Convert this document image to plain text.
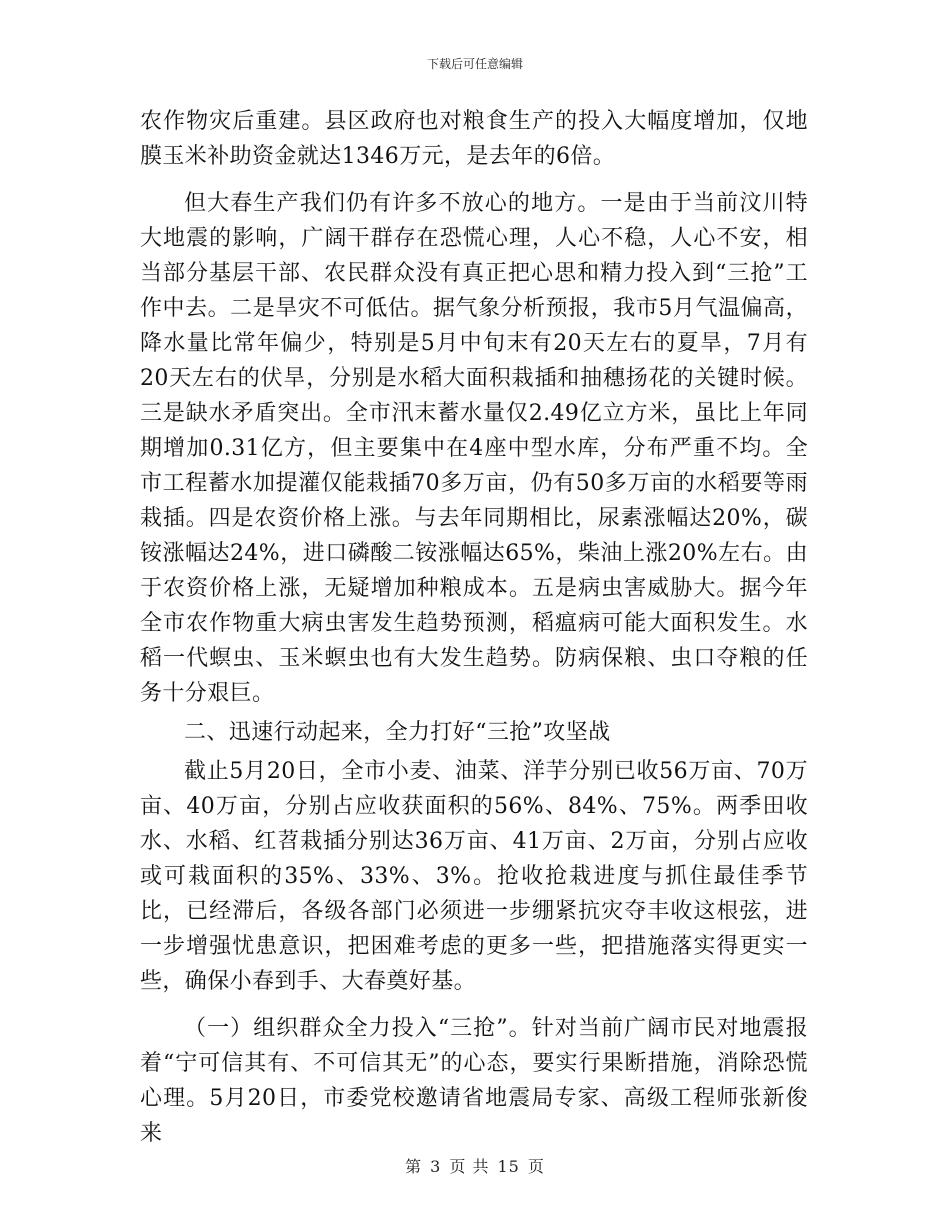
下载后可任意编辑

农作物灾后重建。县区政府也对粮食生产的投入大幅度增加，仅地膜玉米补助资金就达1346万元，是去年的6倍。

但大春生产我们仍有许多不放心的地方。一是由于当前汶川特大地震的影响，广阔干群存在恐慌心理，人心不稳，人心不安，相当部分基层干部、农民群众没有真正把心思和精力投入到“三抢”工作中去。二是旱灾不可低估。据气象分析预报，我市5月气温偏高，降水量比常年偏少，特别是5月中旬末有20天左右的夏旱，7月有20天左右的伏旱，分别是水稻大面积栽插和抽穗扬花的关键时候。三是缺水矛盾突出。全市汛末蓄水量仅2.49亿立方米，虽比上年同期增加0.31亿方，但主要集中在4座中型水库，分布严重不均。全市工程蓄水加提灌仅能栽插70多万亩，仍有50多万亩的水稻要等雨栽插。四是农资价格上涨。与去年同期相比，尿素涨幅达20%，碳铵涨幅达24%，进口磷酸二铵涨幅达65%，柴油上涨20%左右。由于农资价格上涨，无疑增加种粮成本。五是病虫害威胁大。据今年全市农作物重大病虫害发生趋势预测，稻瘟病可能大面积发生。水稻一代螟虫、玉米螟虫也有大发生趋势。防病保粮、虫口夺粮的任务十分艰巨。

二、迅速行动起来，全力打好“三抢”攻坚战

截止5月20日，全市小麦、油菜、洋芋分别已收56万亩、70万亩、40万亩，分别占应收获面积的56%、84%、75%。两季田收水、水稻、红苕栽插分别达36万亩、41万亩、2万亩，分别占应收或可栽面积的35%、33%、3%。抢收抢栽进度与抓住最佳季节比，已经滞后，各级各部门必须进一步绷紧抗灾夺丰收这根弦，进一步增强忧患意识，把困难考虑的更多一些，把措施落实得更实一些，确保小春到手、大春奠好基。

（一）组织群众全力投入“三抢”。针对当前广阔市民对地震报着“宁可信其有、不可信其无”的心态，要实行果断措施，消除恐慌心理。5月20日，市委党校邀请省地震局专家、高级工程师张新俊来

第 3 页 共 15 页
